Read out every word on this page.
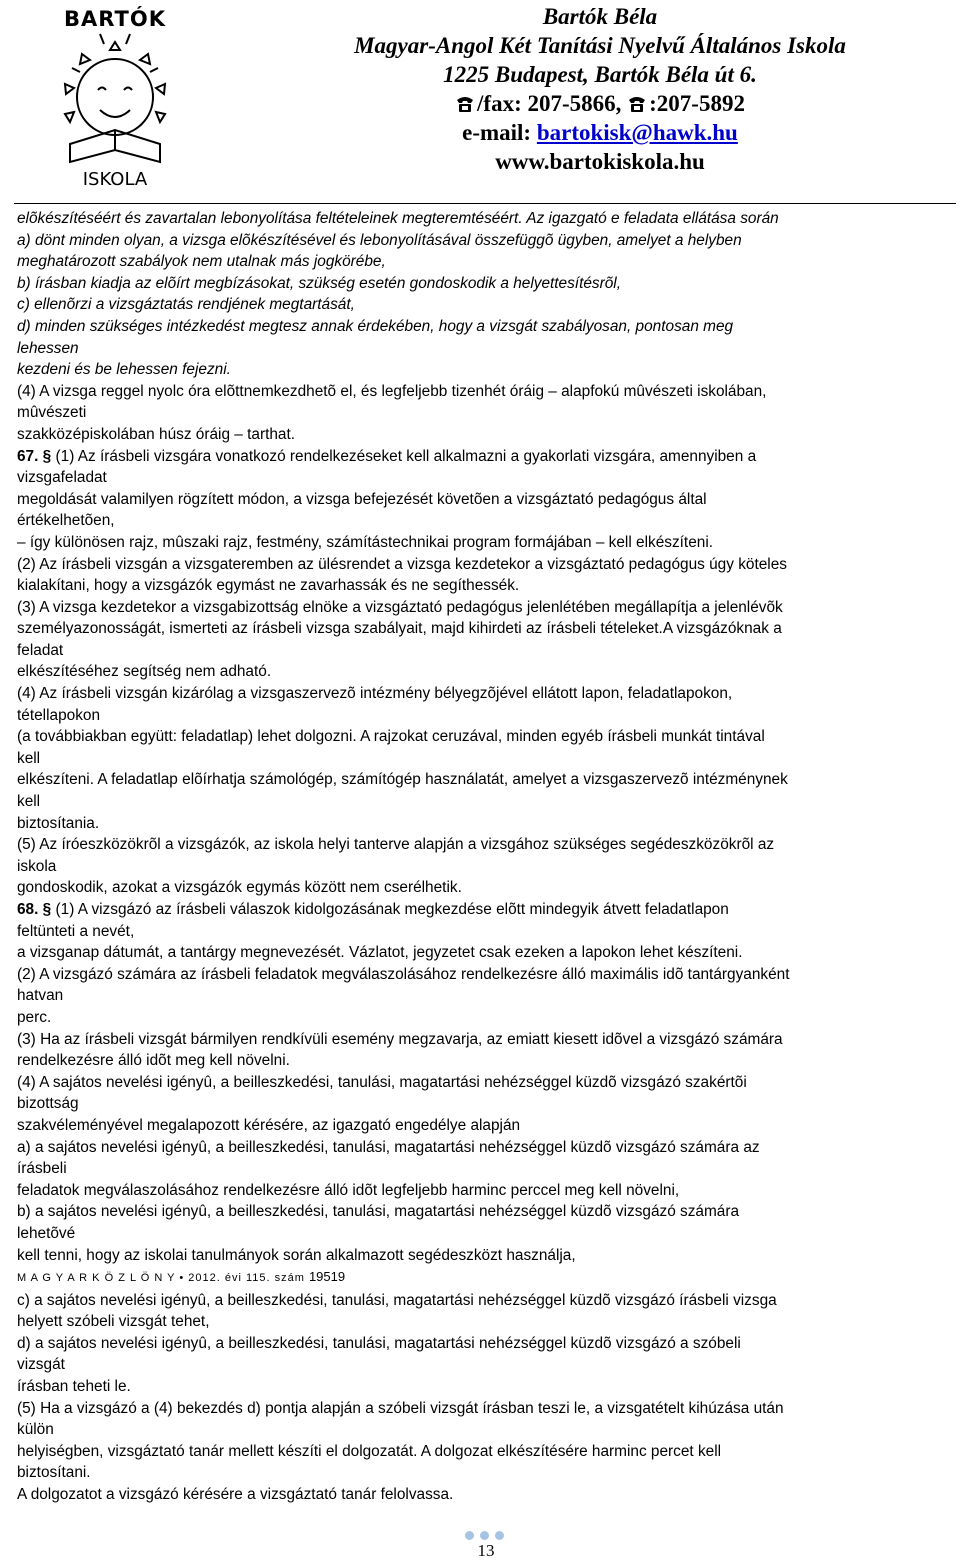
BARTÓK
ISKOLA
Bartók Béla
Magyar-Angol Két Tanítási Nyelvű Általános Iskola
1225 Budapest, Bartók Béla út 6.
/fax: 207-5866, :207-5892
e-mail: bartokisk@hawk.hu
www.bartokiskola.hu

elõkészítéséért és zavartalan lebonyolítása feltételeinek megteremtéséért. Az igazgató e feladata ellátása során

a) dönt minden olyan, a vizsga elõkészítésével és lebonyolításával összefüggõ ügyben, amelyet a helyben

meghatározott szabályok nem utalnak más jogkörébe,

b) írásban kiadja az elõírt megbízásokat, szükség esetén gondoskodik a helyettesítésrõl,

c) ellenõrzi a vizsgáztatás rendjének megtartását,

d) minden szükséges intézkedést megtesz annak érdekében, hogy a vizsgát szabályosan, pontosan meg

lehessen

kezdeni és be lehessen fejezni.

(4) A vizsga reggel nyolc óra elõttnemkezdhetõ el, és legfeljebb tizenhét óráig – alapfokú mûvészeti iskolában,

mûvészeti

szakközépiskolában húsz óráig – tarthat.

67. § (1) Az írásbeli vizsgára vonatkozó rendelkezéseket kell alkalmazni a gyakorlati vizsgára, amennyiben a

vizsgafeladat

megoldását valamilyen rögzített módon, a vizsga befejezését követõen a vizsgáztató pedagógus által

értékelhetõen,

– így különösen rajz, mûszaki rajz, festmény, számítástechnikai program formájában – kell elkészíteni.

(2) Az írásbeli vizsgán a vizsgateremben az ülésrendet a vizsga kezdetekor a vizsgáztató pedagógus úgy köteles

kialakítani, hogy a vizsgázók egymást ne zavarhassák és ne segíthessék.

(3) A vizsga kezdetekor a vizsgabizottság elnöke a vizsgáztató pedagógus jelenlétében megállapítja a jelenlévõk

személyazonosságát, ismerteti az írásbeli vizsga szabályait, majd kihirdeti az írásbeli tételeket.A vizsgázóknak a

feladat

elkészítéséhez segítség nem adható.

(4) Az írásbeli vizsgán kizárólag a vizsgaszervezõ intézmény bélyegzõjével ellátott lapon, feladatlapokon,

tétellapokon

(a továbbiakban együtt: feladatlap) lehet dolgozni. A rajzokat ceruzával, minden egyéb írásbeli munkát tintával

kell

elkészíteni. A feladatlap elõírhatja számológép, számítógép használatát, amelyet a vizsgaszervezõ intézménynek

kell

biztosítania.

(5) Az íróeszközökrõl a vizsgázók, az iskola helyi tanterve alapján a vizsgához szükséges segédeszközökrõl az

iskola

gondoskodik, azokat a vizsgázók egymás között nem cserélhetik.

68. § (1) A vizsgázó az írásbeli válaszok kidolgozásának megkezdése elõtt mindegyik átvett feladatlapon

feltünteti a nevét,

a vizsganap dátumát, a tantárgy megnevezését. Vázlatot, jegyzetet csak ezeken a lapokon lehet készíteni.

(2) A vizsgázó számára az írásbeli feladatok megválaszolásához rendelkezésre álló maximális idõ tantárgyanként

hatvan

perc.

(3) Ha az írásbeli vizsgát bármilyen rendkívüli esemény megzavarja, az emiatt kiesett idõvel a vizsgázó számára

rendelkezésre álló idõt meg kell növelni.

(4) A sajátos nevelési igényû, a beilleszkedési, tanulási, magatartási nehézséggel küzdõ vizsgázó szakértõi

bizottság

szakvéleményével megalapozott kérésére, az igazgató engedélye alapján

a) a sajátos nevelési igényû, a beilleszkedési, tanulási, magatartási nehézséggel küzdõ vizsgázó számára az

írásbeli

feladatok megválaszolásához rendelkezésre álló idõt legfeljebb harminc perccel meg kell növelni,

b) a sajátos nevelési igényû, a beilleszkedési, tanulási, magatartási nehézséggel küzdõ vizsgázó számára

lehetõvé

kell tenni, hogy az iskolai tanulmányok során alkalmazott segédeszközt használja,

M A G Y A R K Ö Z L Ö N Y • 2012. évi 115. szám 19519

c) a sajátos nevelési igényû, a beilleszkedési, tanulási, magatartási nehézséggel küzdõ vizsgázó írásbeli vizsga

helyett szóbeli vizsgát tehet,

d) a sajátos nevelési igényû, a beilleszkedési, tanulási, magatartási nehézséggel küzdõ vizsgázó a szóbeli

vizsgát

írásban teheti le.

(5) Ha a vizsgázó a (4) bekezdés d) pontja alapján a szóbeli vizsgát írásban teszi le, a vizsgatételt kihúzása után

külön

helyiségben, vizsgáztató tanár mellett készíti el dolgozatát. A dolgozat elkészítésére harminc percet kell

biztosítani.

A dolgozatot a vizsgázó kérésére a vizsgáztató tanár felolvassa.

13
